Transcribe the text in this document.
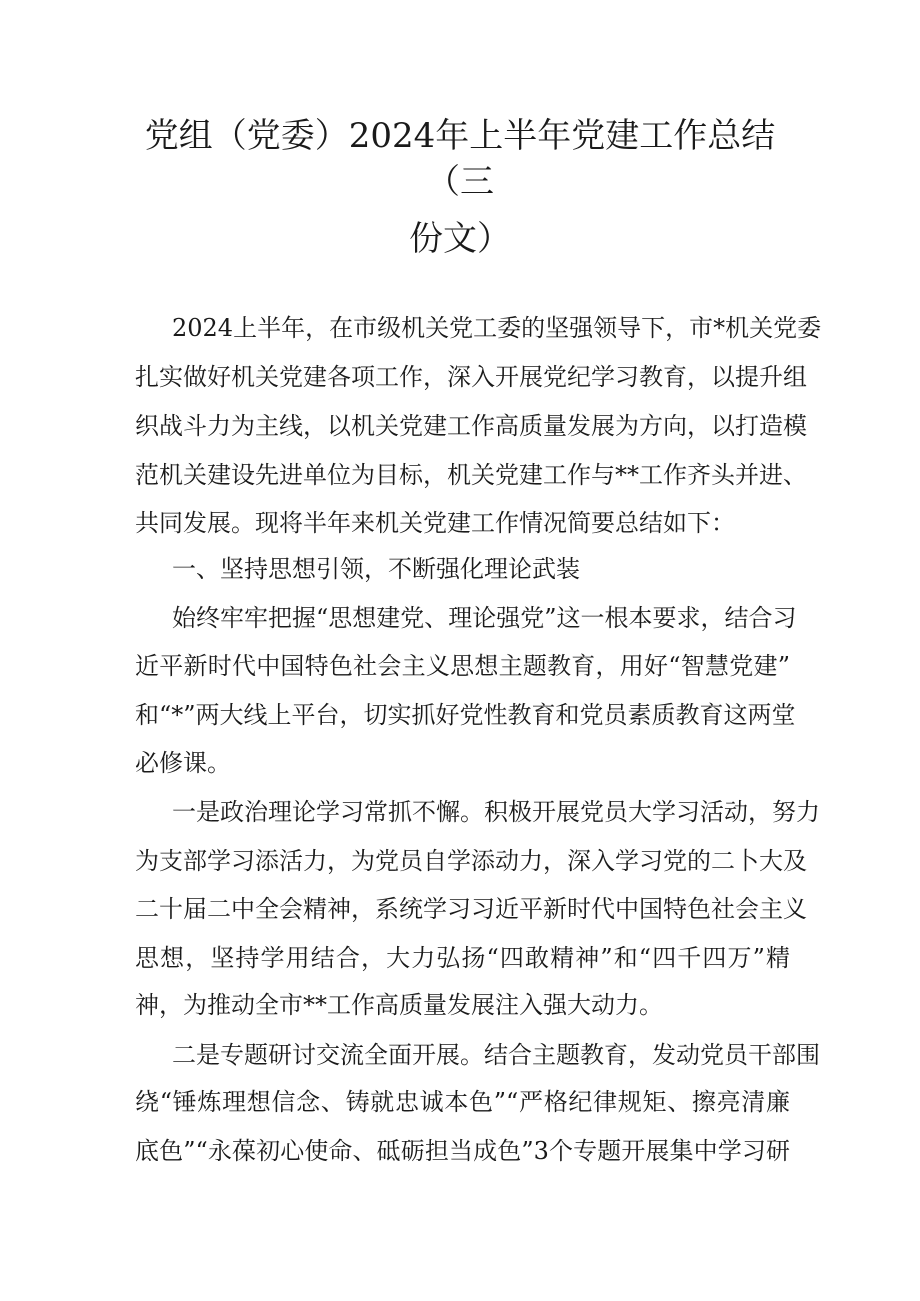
党组（党委）2024年上半年党建工作总结
（三
份文）
2024上半年，在市级机关党工委的坚强领导下，市*机关党委
扎实做好机关党建各项工作，深入开展党纪学习教育，以提升组
织战斗力为主线，以机关党建工作高质量发展为方向，以打造模
范机关建设先进单位为目标，机关党建工作与**工作齐头并进、
共同发展。现将半年来机关党建工作情况简要总结如下：
一、坚持思想引领，不断强化理论武装
始终牢牢把握“思想建党、理论强党”这一根本要求，结合习
近平新时代中国特色社会主义思想主题教育，用好“智慧党建”
和“*”两大线上平台，切实抓好党性教育和党员素质教育这两堂
必修课。
一是政治理论学习常抓不懈。积极开展党员大学习活动，努力
为支部学习添活力，为党员自学添动力，深入学习党的二卜大及
二十届二中全会精神，系统学习习近平新时代中国特色社会主义
思想，坚持学用结合，大力弘扬“四敢精神”和“四千四万”精
神，为推动全市**工作高质量发展注入强大动力。
二是专题研讨交流全面开展。结合主题教育，发动党员干部围
绕“锤炼理想信念、铸就忠诚本色”“严格纪律规矩、擦亮清廉
底色”“永葆初心使命、砥砺担当成色”3个专题开展集中学习研
